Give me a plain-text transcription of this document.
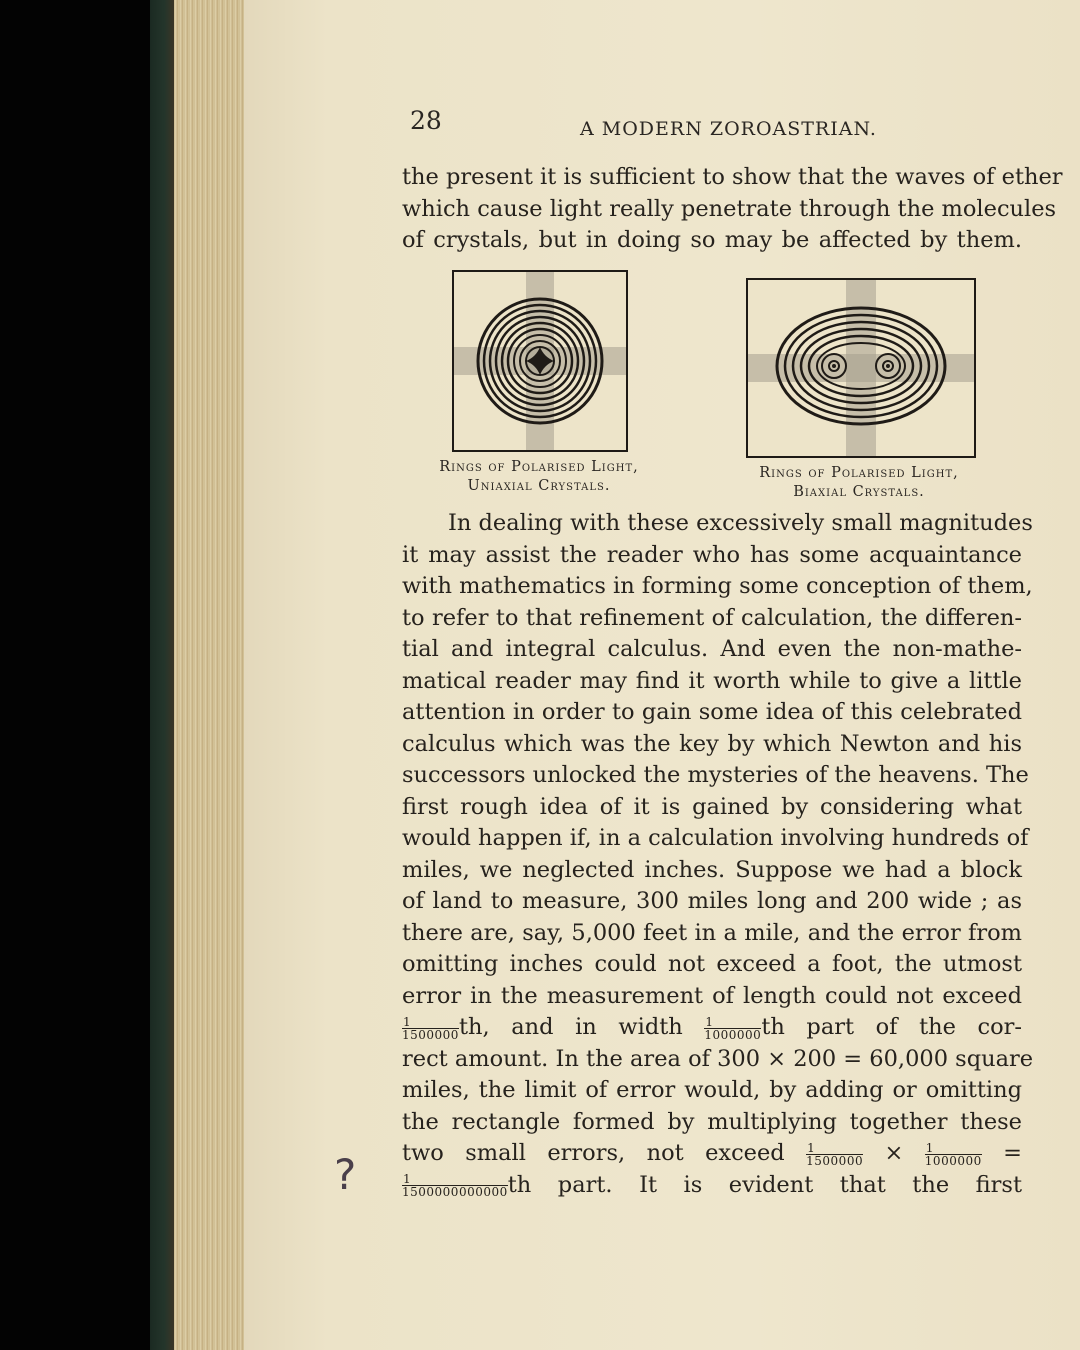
28	A MODERN ZOROASTRIAN.
the present it is sufficient to show that the waves of ether
which cause light really penetrate through the molecules
of crystals, but in doing so may be affected by them.
Rings of Polarised Light,
Uniaxial Crystals.
Rings of Polarised Light,
Biaxial Crystals.
In dealing with these excessively small magnitudes
it may assist the reader who has some acquaintance
with mathematics in forming some conception of them,
to refer to that refinement of calculation, the differen-
tial and integral calculus. And even the non-mathe-
matical reader may find it worth while to give a little
attention in order to gain some idea of this celebrated
calculus which was the key by which Newton and his
successors unlocked the mysteries of the heavens. The
first rough idea of it is gained by considering what
would happen if, in a calculation involving hundreds of
miles, we neglected inches. Suppose we had a block
of land to measure, 300 miles long and 200 wide ; as
there are, say, 5,000 feet in a mile, and the error from
omitting inches could not exceed a foot, the utmost
error in the measurement of length could not exceed
$\frac{1}{1500000}$ th, and in width $\frac{1}{1000000}$ th part of the cor-
rect amount. In the area of 300 × 200 = 60,000 square
miles, the limit of error would, by adding or omitting
the rectangle formed by multiplying together these
two small errors, not exceed $\frac{1}{1500000} \times \frac{1}{1000000}$ =
$\frac{1}{1500000000000}$ th part. It is evident that the first
?
